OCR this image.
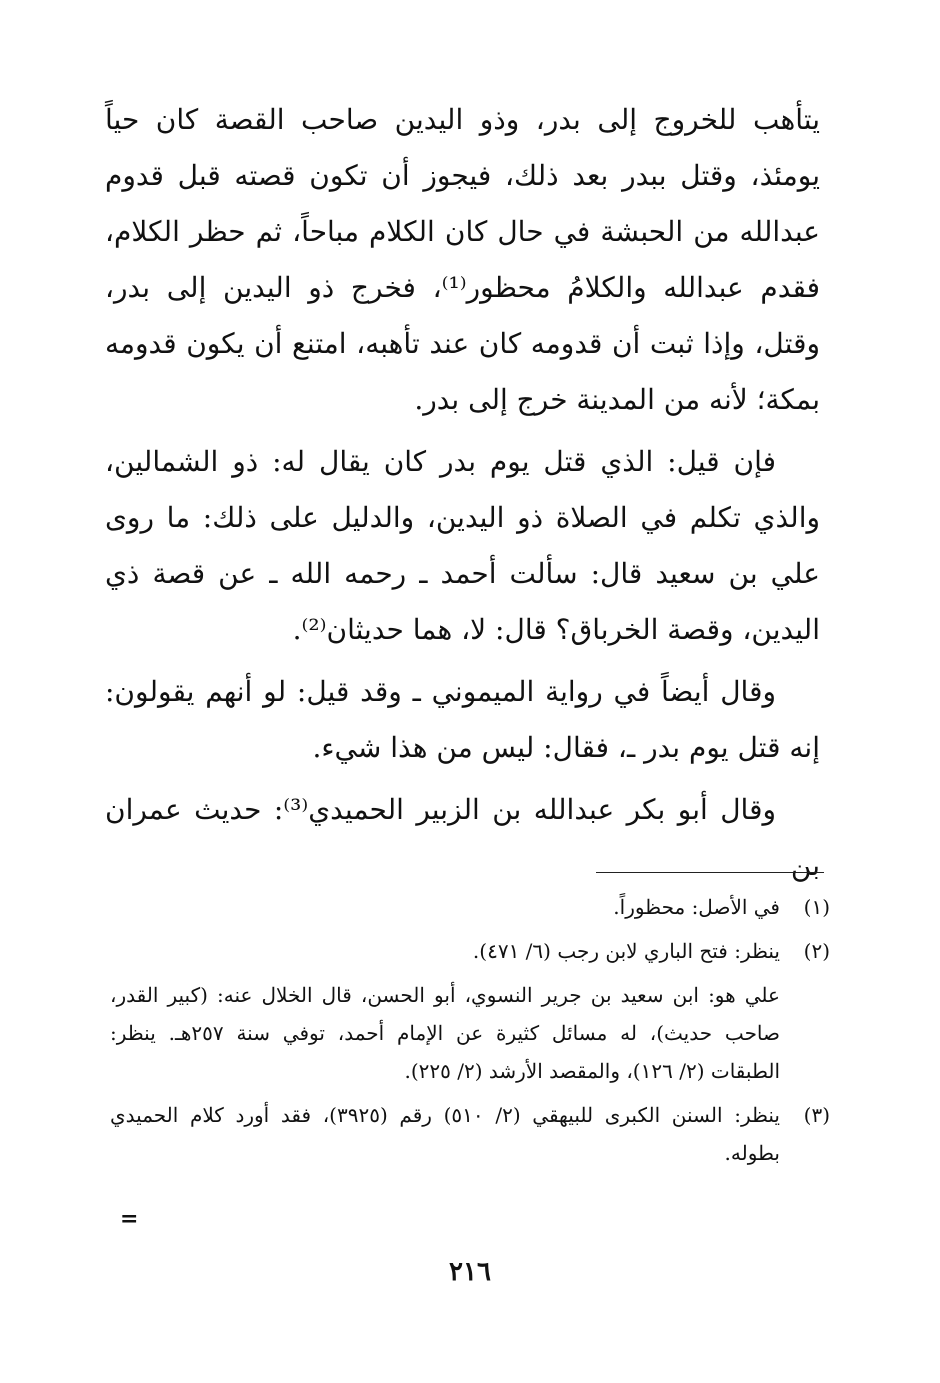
يتأهب للخروج إلى بدر، وذو اليدين صاحب القصة كان حياً يومئذ، وقتل ببدر بعد ذلك، فيجوز أن تكون قصته قبل قدوم عبدالله من الحبشة في حال كان الكلام مباحاً، ثم حظر الكلام، فقدم عبدالله والكلامُ محظور⁽¹⁾، فخرج ذو اليدين إلى بدر، وقتل، وإذا ثبت أن قدومه كان عند تأهبه، امتنع أن يكون قدومه بمكة؛ لأنه من المدينة خرج إلى بدر.

فإن قيل: الذي قتل يوم بدر كان يقال له: ذو الشمالين، والذي تكلم في الصلاة ذو اليدين، والدليل على ذلك: ما روى علي بن سعيد قال: سألت أحمد ـ رحمه الله ـ عن قصة ذي اليدين، وقصة الخرباق؟ قال: لا، هما حديثان⁽²⁾.

وقال أيضاً في رواية الميموني ـ وقد قيل: لو أنهم يقولون: إنه قتل يوم بدر ـ، فقال: ليس من هذا شيء.

وقال أبو بكر عبدالله بن الزبير الحميدي⁽³⁾: حديث عمران بن

(١)

في الأصل: محظوراً.

(٢)

ينظر: فتح الباري لابن رجب (٦/ ٤٧١).

علي هو: ابن سعيد بن جرير النسوي، أبو الحسن، قال الخلال عنه: (كبير القدر، صاحب حديث)، له مسائل كثيرة عن الإمام أحمد، توفي سنة ٢٥٧هـ. ينظر: الطبقات (٢/ ١٢٦)، والمقصد الأرشد (٢/ ٢٢٥).

(٣)

ينظر: السنن الكبرى للبيهقي (٢/ ٥١٠) رقم (٣٩٢٥)، فقد أورد كلام الحميدي بطوله.

=
٢١٦
